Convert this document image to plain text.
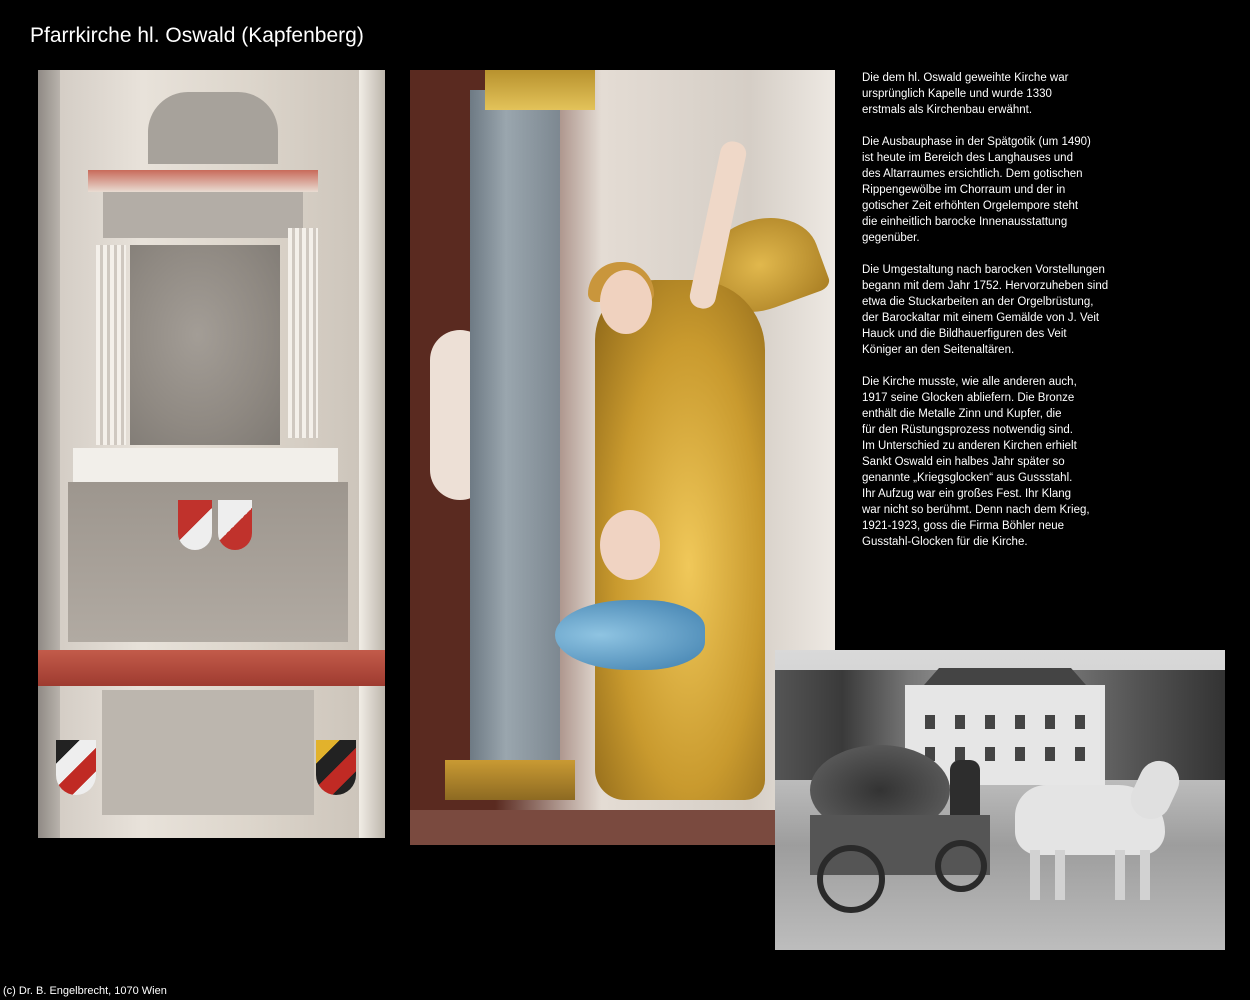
Pfarrkirche hl. Oswald (Kapfenberg)

Die dem hl. Oswald geweihte Kirche war
ursprünglich Kapelle und wurde 1330
erstmals als Kirchenbau erwähnt.

Die Ausbauphase in der Spätgotik (um 1490)
ist heute im Bereich des Langhauses und
des Altarraumes ersichtlich. Dem gotischen
Rippengewölbe im Chorraum und der in
gotischer Zeit erhöhten Orgelempore steht
die einheitlich barocke Innenausstattung
gegenüber.

Die Umgestaltung nach barocken Vorstellungen
begann mit dem Jahr 1752. Hervorzuheben sind
etwa die Stuckarbeiten an der Orgelbrüstung,
der Barockaltar mit einem Gemälde von J. Veit
Hauck und die Bildhauerfiguren des Veit
Königer an den Seitenaltären.

Die Kirche musste, wie alle anderen auch,
1917 seine Glocken abliefern. Die Bronze
enthält die Metalle Zinn und Kupfer, die
für den Rüstungsprozess notwendig sind.
Im Unterschied zu anderen Kirchen erhielt
Sankt Oswald ein halbes Jahr später so
genannte „Kriegsglocken“ aus Gussstahl.
Ihr Aufzug war ein großes Fest. Ihr Klang
war nicht so berühmt. Denn nach dem Krieg,
1921-1923, goss die Firma Böhler neue
Gusstahl-Glocken für die Kirche.

(c) Dr. B. Engelbrecht, 1070 Wien
